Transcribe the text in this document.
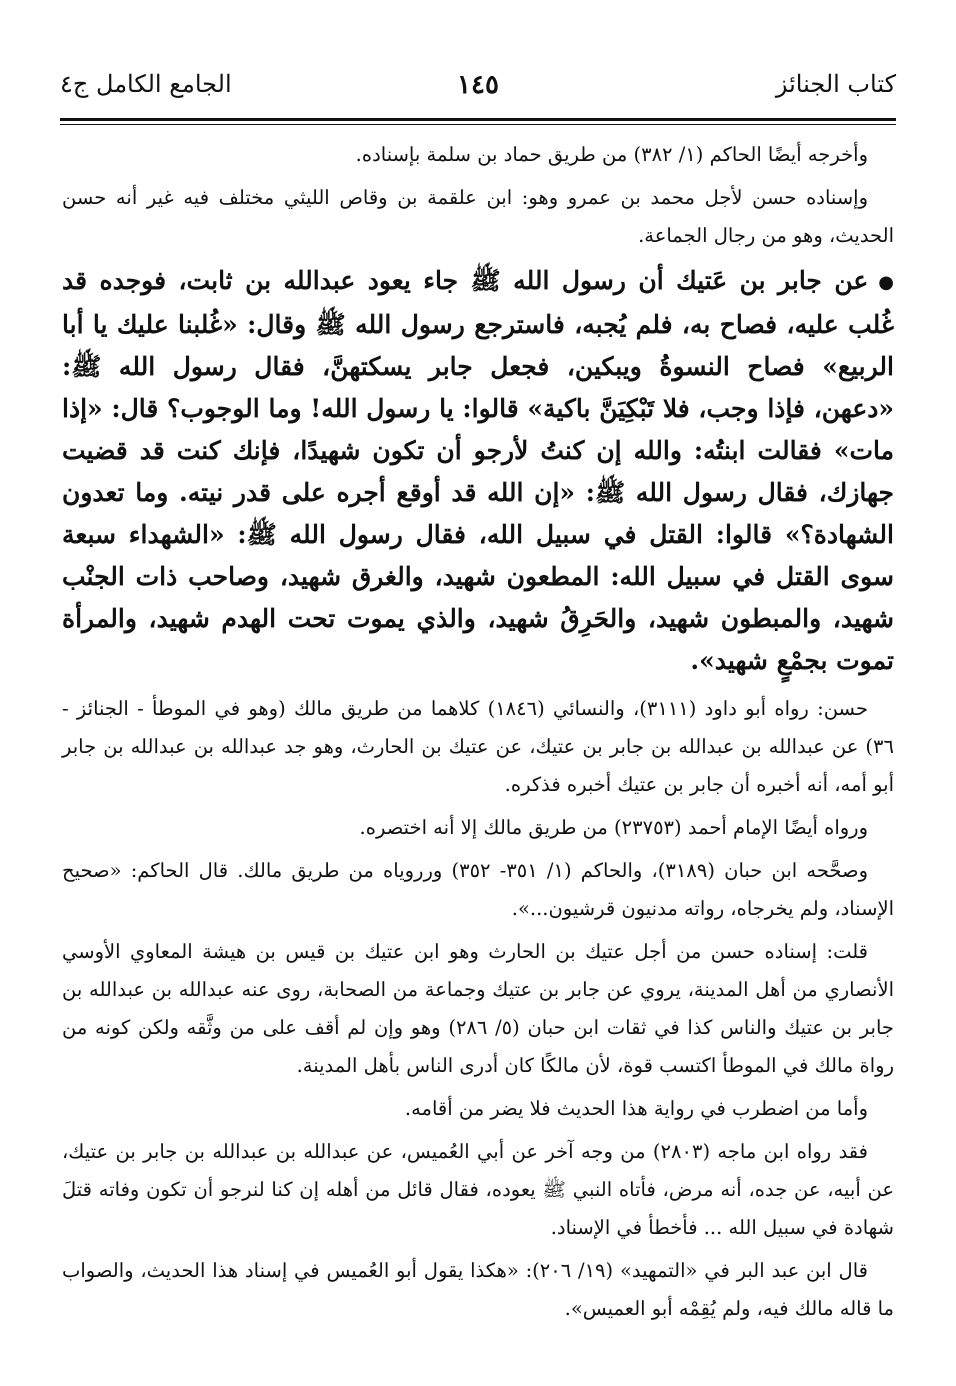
كتاب الجنائز
١٤٥
الجامع الكامل ج٤

وأخرجه أيضًا الحاكم (١/ ٣٨٢) من طريق حماد بن سلمة بإسناده.

وإسناده حسن لأجل محمد بن عمرو وهو: ابن علقمة بن وقاص الليثي مختلف فيه غير أنه حسن الحديث، وهو من رجال الجماعة.

●عن جابر بن عَتيك أن رسول الله ﷺ جاء يعود عبدالله بن ثابت، فوجده قد غُلب عليه، فصاح به، فلم يُجبه، فاسترجع رسول الله ﷺ وقال: «غُلبنا عليك يا أبا الربيع» فصاح النسوةُ ويبكين، فجعل جابر يسكتهنَّ، فقال رسول الله ﷺ: «دعهن، فإذا وجب، فلا تَبْكِيَنَّ باكية» قالوا: يا رسول الله! وما الوجوب؟ قال: «إذا مات» فقالت ابنتُه: والله إن كنتُ لأرجو أن تكون شهيدًا، فإنك كنت قد قضيت جهازك، فقال رسول الله ﷺ: «إن الله قد أوقع أجره على قدر نيته. وما تعدون الشهادة؟» قالوا: القتل في سبيل الله، فقال رسول الله ﷺ: «الشهداء سبعة سوى القتل في سبيل الله: المطعون شهيد، والغرق شهيد، وصاحب ذات الجنْب شهيد، والمبطون شهيد، والحَرِقُ شهيد، والذي يموت تحت الهدم شهيد، والمرأة تموت بجمْعٍ شهيد».

حسن: رواه أبو داود (٣١١١)، والنسائي (١٨٤٦) كلاهما من طريق مالك (وهو في الموطأ - الجنائز - ٣٦) عن عبدالله بن عبدالله بن جابر بن عتيك، عن عتيك بن الحارث، وهو جد عبدالله بن عبدالله بن جابر أبو أمه، أنه أخبره أن جابر بن عتيك أخبره فذكره.

ورواه أيضًا الإمام أحمد (٢٣٧٥٣) من طريق مالك إلا أنه اختصره.

وصحَّحه ابن حبان (٣١٨٩)، والحاكم (١/ ٣٥١- ٣٥٢) ورروياه من طريق مالك. قال الحاكم: «صحيح الإسناد، ولم يخرجاه، رواته مدنيون قرشيون...».

قلت: إسناده حسن من أجل عتيك بن الحارث وهو ابن عتيك بن قيس بن هيشة المعاوي الأوسي الأنصاري من أهل المدينة، يروي عن جابر بن عتيك وجماعة من الصحابة، روى عنه عبدالله بن عبدالله بن جابر بن عتيك والناس كذا في ثقات ابن حبان (٥/ ٢٨٦) وهو وإن لم أقف على من وثَّقه ولكن كونه من رواة مالك في الموطأ اكتسب قوة، لأن مالكًا كان أدرى الناس بأهل المدينة.

وأما من اضطرب في رواية هذا الحديث فلا يضر من أقامه.

فقد رواه ابن ماجه (٢٨٠٣) من وجه آخر عن أبي العُميس، عن عبدالله بن عبدالله بن جابر بن عتيك، عن أبيه، عن جده، أنه مرض، فأتاه النبي ﷺ يعوده، فقال قائل من أهله إن كنا لنرجو أن تكون وفاته قتلَ شهادة في سبيل الله ... فأخطأ في الإسناد.

قال ابن عبد البر في «التمهيد» (١٩/ ٢٠٦): «هكذا يقول أبو العُميس في إسناد هذا الحديث، والصواب ما قاله مالك فيه، ولم يُقِمْه أبو العميس».
